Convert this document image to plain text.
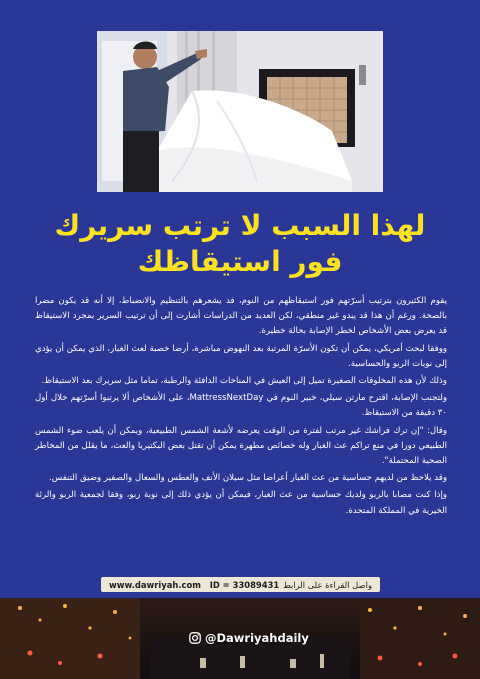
لهذا السبب لا ترتب سريرك
فور استيقاظك

يقوم الكثيرون بترتيب أسرّتهم فور استيقاظهم من النوم، فد يشعرهم بالتنظيم والانضباط، إلا أنه قد يكون مضرا بالصحة. ورغم أن هذا قد يبدو غير منطقي، لكن العديد من الدراسات أشارت إلى أن ترتيب السرير بمجرد الاستيقاظ قد يعرض بعض الأشخاص لخطر الإصابة بحالة خطيرة.

ووفقا لبحث أمريكي، يمكن أن تكون الأسرّة المرتبة بعد النهوض مباشرة، أرضا خصبة لعث الغبار، الذي يمكن أن يؤدي إلى نوبات الربو والحساسية.

وذلك لأن هذه المخلوقات الصغيرة تميل إلى العيش في المناخات الدافئة والرطبة، تماما مثل سريرك بعد الاستيقاظ.

ولتجنب الإصابة، اقترح مارتن سيلي، خبير النوم في MattressNextDay، على الأشخاص ألا يرتبوا أسرّتهم خلال أول ٣٠ دقيقة من الاستيقاظ.

وقال: "إن ترك فراشك غير مرتب لفترة من الوقت يعرضه لأشعة الشمس الطبيعية، ويمكن أن يلعب ضوء الشمس الطبيعي دورا في منع تراكم عث الغبار وله خصائص مطهرة يمكن أن تقتل بعض البكتيريا والعث، ما يقلل من المخاطر الصحية المحتملة".

وقد يلاحظ من لديهم حساسية من عث الغبار أعراضا مثل سيلان الأنف والعطس والسعال والصفير وضيق التنفس.

وإذا كنت مصابا بالربو ولديك حساسية من عث الغبار، فيمكن أن يؤدي ذلك إلى نوبة ربو، وفقا لجمعية الربو والرئة الخيرية في المملكة المتحدة.

www.dawriyah.com ID = 33089431 واصل القراءة على الرابط
@Dawriyahdaily
